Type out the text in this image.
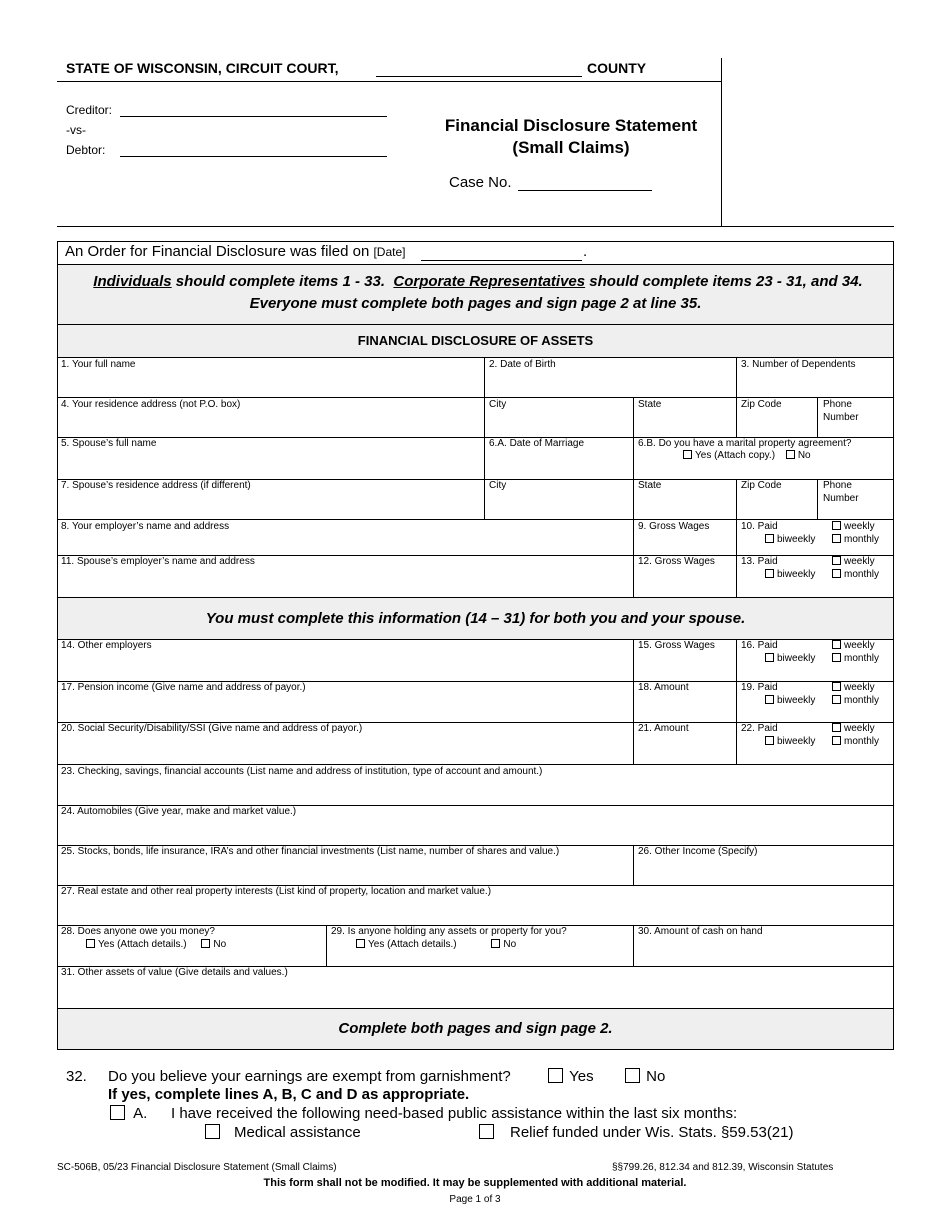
STATE OF WISCONSIN, CIRCUIT COURT,	COUNTY
Creditor:
-vs-
Debtor:
Financial Disclosure Statement
(Small Claims)
Case No.
An Order for Financial Disclosure was filed on [Date]	.
Individuals should complete items 1 - 33.  Corporate Representatives should complete items 23 - 31, and 34.
Everyone must complete both pages and sign page 2 at line 35.
FINANCIAL DISCLOSURE OF ASSETS
1. Your full name	2. Date of Birth	3. Number of Dependents
4. Your residence address (not P.O. box)	City	State	Zip Code	Phone
Number
5. Spouse’s full name	6.A. Date of Marriage	6.B. Do you have a marital property agreement?
Yes (Attach copy.) No
7. Spouse’s residence address (if different)	City	State	Zip Code	Phone
Number
8. Your employer’s name and address	9. Gross Wages	10. Paid	weekly
biweekly	monthly
11. Spouse’s employer’s name and address	12. Gross Wages	13. Paid	weekly
biweekly	monthly
You must complete this information (14 – 31) for both you and your spouse.
14. Other employers	15. Gross Wages	16. Paid	weekly
biweekly	monthly
17. Pension income (Give name and address of payor.)	18. Amount	19. Paid	weekly
biweekly	monthly
20. Social Security/Disability/SSI (Give name and address of payor.)	21. Amount	22. Paid	weekly
biweekly	monthly
23. Checking, savings, financial accounts (List name and address of institution, type of account and amount.)
24. Automobiles (Give year, make and market value.)
25. Stocks, bonds, life insurance, IRA’s and other financial investments (List name, number of shares and value.)	26. Other Income (Specify)
27. Real estate and other real property interests (List kind of property, location and market value.)
28. Does anyone owe you money?
Yes (Attach details.)	No
29. Is anyone holding any assets or property for you?
Yes (Attach details.)	No
30. Amount of cash on hand
31. Other assets of value (Give details and values.)
Complete both pages and sign page 2.
32. Do you believe your earnings are exempt from garnishment?	Yes	No
If yes, complete lines A, B, C and D as appropriate.
A. I have received the following need-based public assistance within the last six months:
Medical assistance	Relief funded under Wis. Stats. §59.53(21)
SC-506B, 05/23 Financial Disclosure Statement (Small Claims)	§§799.26, 812.34 and 812.39, Wisconsin Statutes
This form shall not be modified. It may be supplemented with additional material.
Page 1 of 3
